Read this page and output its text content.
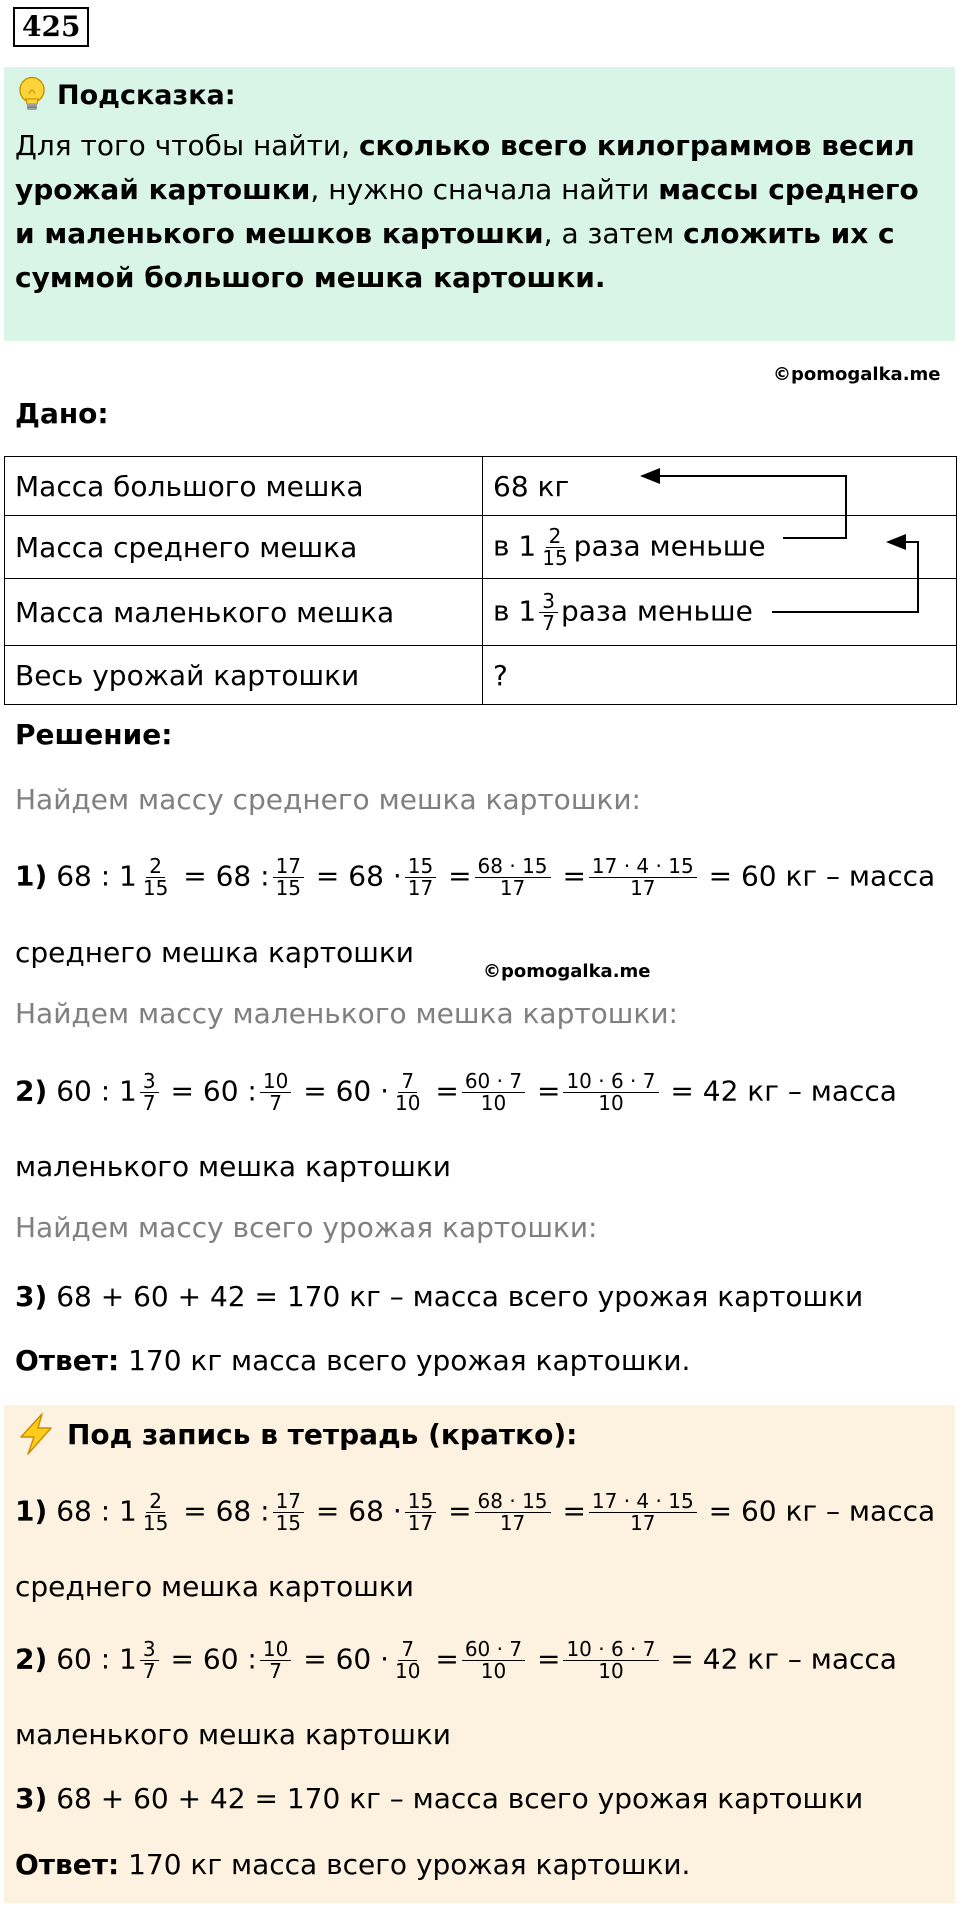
425
Подсказка:
Для того чтобы найти, сколько всего килограммов весил урожай картошки, нужно сначала найти массы среднего и маленького мешков картошки, а затем сложить их с суммой большого мешка картошки.
©pomogalka.me
Дано:
Масса большого мешка	68 кг
Масса среднего мешка	в $1 \frac{2}{15}$ раза меньше
Масса маленького мешка	в $1 \frac{3}{7}$ раза меньше
Весь урожай картошки	?
Решение:
Найдем массу среднего мешка картошки:
1) 68 : $1 \frac{2}{15} = 68$ : $\frac{17}{15} = 68 \cdot \frac{15}{17} = \frac{68 \cdot 15}{17} = \frac{17 \cdot 4 \cdot 15}{17} = 60$ кг – масса
среднего мешка картошки
©pomogalka.me
Найдем массу маленького мешка картошки:
2) 60 : $1 \frac{3}{7} = 60$ : $\frac{10}{7} = 60 \cdot \frac{7}{10} = \frac{60 \cdot 7}{10} = \frac{10 \cdot 6 \cdot 7}{10} = 42$ кг – масса
маленького мешка картошки
Найдем массу всего урожая картошки:
3) 68 + 60 + 42 = 170 кг – масса всего урожая картошки
Ответ: 170 кг масса всего урожая картошки.
Под запись в тетрадь (кратко):
1) 68 : $1 \frac{2}{15} = 68$ : $\frac{17}{15} = 68 \cdot \frac{15}{17} = \frac{68 \cdot 15}{17} = \frac{17 \cdot 4 \cdot 15}{17} = 60$ кг – масса
среднего мешка картошки
2) 60 : $1 \frac{3}{7} = 60$ : $\frac{10}{7} = 60 \cdot \frac{7}{10} = \frac{60 \cdot 7}{10} = \frac{10 \cdot 6 \cdot 7}{10} = 42$ кг – масса
маленького мешка картошки
3) 68 + 60 + 42 = 170 кг – масса всего урожая картошки
Ответ: 170 кг масса всего урожая картошки.
